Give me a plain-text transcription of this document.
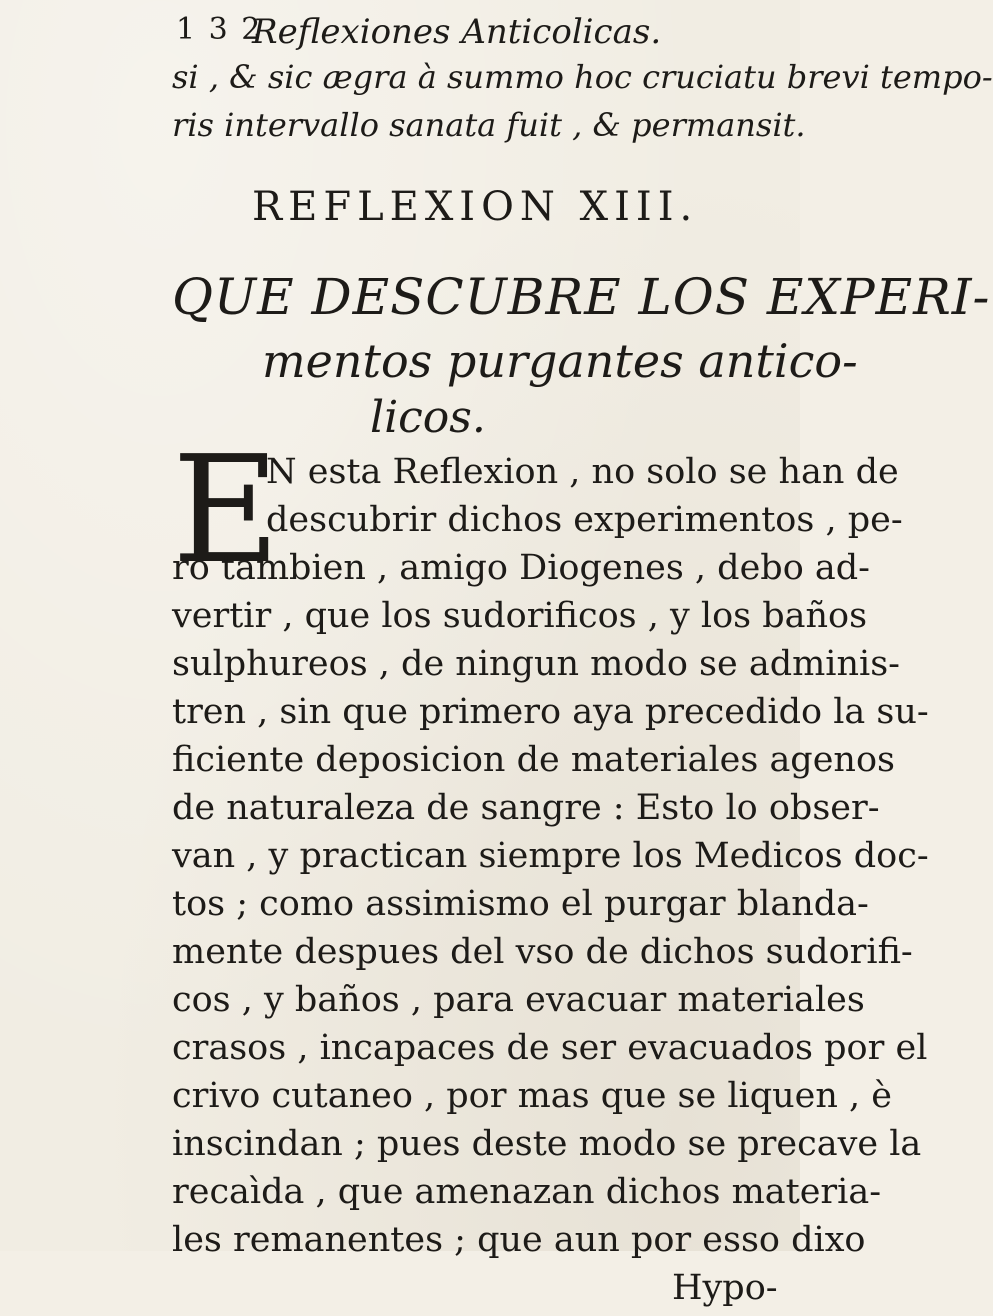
1 3 2
Reflexiones Anticolicas.
si , & sic ægra à summo hoc cruciatu brevi tempo-
ris intervallo sanata fuit , & permansit.
REFLEXION XIII.
QUE DESCUBRE LOS EXPERI-
mentos purgantes antico-
licos.
E
N esta Reflexion , no solo se han de
descubrir dichos experimentos , pe-
ro tambien , amigo Diogenes , debo ad-
vertir , que los sudorificos , y los baños
sulphureos , de ningun modo se adminis-
tren , sin que primero aya precedido la su-
ficiente deposicion de materiales agenos
de naturaleza de sangre : Esto lo obser-
van , y practican siempre los Medicos doc-
tos ; como assimismo el purgar blanda-
mente despues del vso de dichos sudorifi-
cos , y baños , para evacuar materiales
crasos , incapaces de ser evacuados por el
crivo cutaneo , por mas que se liquen , è
inscindan ; pues deste modo se precave la
recaìda , que amenazan dichos materia-
les remanentes ; que aun por esso dixo
Hypo-
